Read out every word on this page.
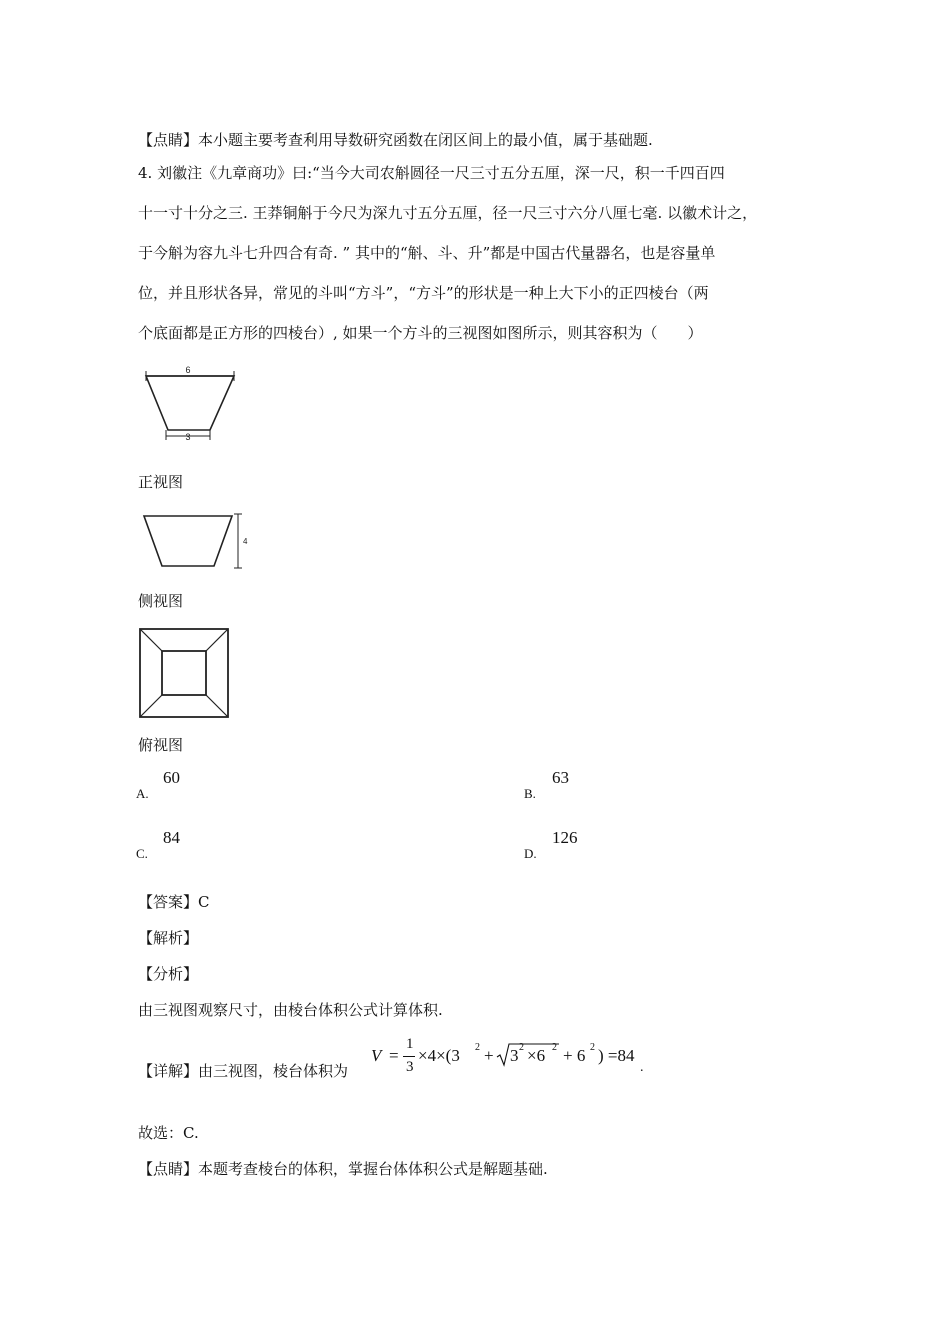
【点睛】本小题主要考查利用导数研究函数在闭区间上的最小值，属于基础题.
4. 刘徽注《九章商功》曰:“当今大司农斛圆径一尺三寸五分五厘，深一尺，积一千四百四
十一寸十分之三. 王莽铜斛于今尺为深九寸五分五厘，径一尺三寸六分八厘七毫. 以徽术计之，
于今斛为容九斗七升四合有奇. ” 其中的“斛、斗、升”都是中国古代量器名，也是容量单
位，并且形状各异，常见的斗叫“方斗”，“方斗”的形状是一种上大下小的正四棱台（两
个底面都是正方形的四棱台）, 如果一个方斗的三视图如图所示，则其容积为（　　）
6
3
正视图
4
侧视图
俯视图
A.
60
B.
63
C.
84
D.
126
【答案】C
【解析】
【分析】
由三视图观察尺寸，由棱台体积公式计算体积.
【详解】由三视图，棱台体积为
V =
1
3
×4×(3 2 + 3 2 ×6 2 + 6 2 ) =84
.
故选：C.
【点睛】本题考查棱台的体积，掌握台体体积公式是解题基础.
